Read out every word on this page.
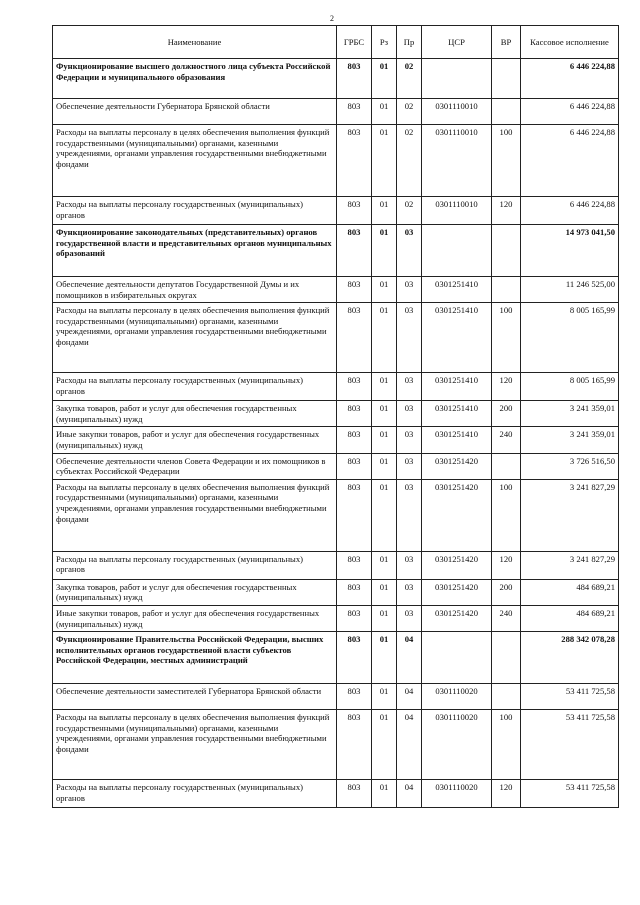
2
Наименование	ГРБС	Рз	Пр	ЦСР	ВР	Кассовое исполнение
Функционирование высшего должностного лица субъекта Российской Федерации и муниципального образования	803	01	02			6 446 224,88
Обеспечение деятельности Губернатора Брянской области	803	01	02	0301110010		6 446 224,88
Расходы на выплаты персоналу в целях обеспечения выполнения функций государственными (муниципальными) органами, казенными учреждениями, органами управления государственными внебюджетными фондами	803	01	02	0301110010	100	6 446 224,88
Расходы на выплаты персоналу государственных (муниципальных) органов	803	01	02	0301110010	120	6 446 224,88
Функционирование законодательных (представительных) органов государственной власти и представительных органов муниципальных образований	803	01	03			14 973 041,50
Обеспечение деятельности депутатов Государственной Думы и их помощников в избирательных округах	803	01	03	0301251410		11 246 525,00
Расходы на выплаты персоналу в целях обеспечения выполнения функций государственными (муниципальными) органами, казенными учреждениями, органами управления государственными внебюджетными фондами	803	01	03	0301251410	100	8 005 165,99
Расходы на выплаты персоналу государственных (муниципальных) органов	803	01	03	0301251410	120	8 005 165,99
Закупка товаров, работ и услуг для обеспечения государственных (муниципальных) нужд	803	01	03	0301251410	200	3 241 359,01
Иные закупки товаров, работ и услуг для обеспечения государственных (муниципальных) нужд	803	01	03	0301251410	240	3 241 359,01
Обеспечение деятельности членов Совета Федерации и их помощников в субъектах Российской Федерации	803	01	03	0301251420		3 726 516,50
Расходы на выплаты персоналу в целях обеспечения выполнения функций государственными (муниципальными) органами, казенными учреждениями, органами управления государственными внебюджетными фондами	803	01	03	0301251420	100	3 241 827,29
Расходы на выплаты персоналу государственных (муниципальных) органов	803	01	03	0301251420	120	3 241 827,29
Закупка товаров, работ и услуг для обеспечения государственных (муниципальных) нужд	803	01	03	0301251420	200	484 689,21
Иные закупки товаров, работ и услуг для обеспечения государственных (муниципальных) нужд	803	01	03	0301251420	240	484 689,21
Функционирование Правительства Российской Федерации, высших исполнительных органов государственной власти субъектов Российской Федерации, местных администраций	803	01	04			288 342 078,28
Обеспечение деятельности заместителей Губернатора Брянской области	803	01	04	0301110020		53 411 725,58
Расходы на выплаты персоналу в целях обеспечения выполнения функций государственными (муниципальными) органами, казенными учреждениями, органами управления государственными внебюджетными фондами	803	01	04	0301110020	100	53 411 725,58
Расходы на выплаты персоналу государственных (муниципальных) органов	803	01	04	0301110020	120	53 411 725,58
